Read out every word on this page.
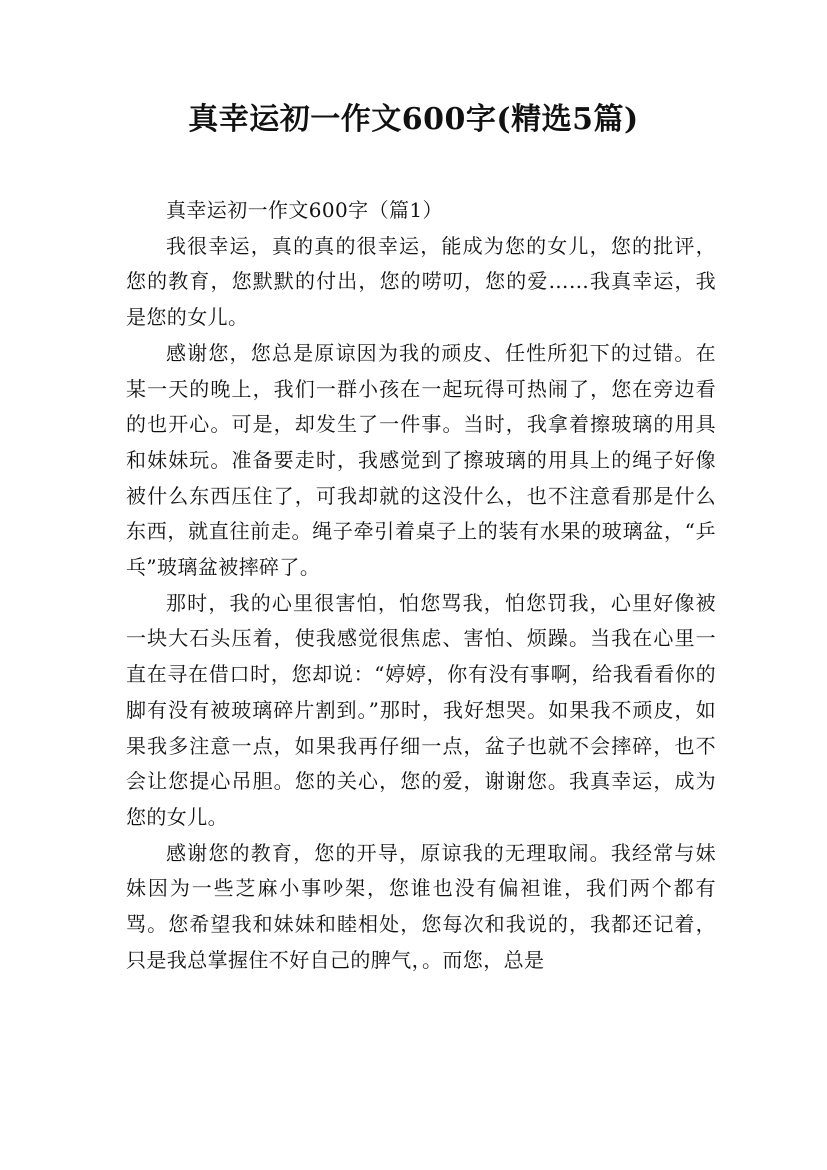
真幸运初一作文600字(精选5篇)

真幸运初一作文600字（篇1）

我很幸运，真的真的很幸运，能成为您的女儿，您的批评，您的教育，您默默的付出，您的唠叨，您的爱……我真幸运，我是您的女儿。

感谢您，您总是原谅因为我的顽皮、任性所犯下的过错。在某一天的晚上，我们一群小孩在一起玩得可热闹了，您在旁边看的也开心。可是，却发生了一件事。当时，我拿着擦玻璃的用具和妹妹玩。准备要走时，我感觉到了擦玻璃的用具上的绳子好像被什么东西压住了，可我却就的这没什么，也不注意看那是什么东西，就直往前走。绳子牵引着桌子上的装有水果的玻璃盆，“乒乓”玻璃盆被摔碎了。

那时，我的心里很害怕，怕您骂我，怕您罚我，心里好像被一块大石头压着，使我感觉很焦虑、害怕、烦躁。当我在心里一直在寻在借口时，您却说：“婷婷，你有没有事啊，给我看看你的脚有没有被玻璃碎片割到。”那时，我好想哭。如果我不顽皮，如果我多注意一点，如果我再仔细一点，盆子也就不会摔碎，也不会让您提心吊胆。您的关心，您的爱，谢谢您。我真幸运，成为您的女儿。

感谢您的教育，您的开导，原谅我的无理取闹。我经常与妹妹因为一些芝麻小事吵架，您谁也没有偏袒谁，我们两个都有骂。您希望我和妹妹和睦相处，您每次和我说的，我都还记着，只是我总掌握住不好自己的脾气，。而您，总是
